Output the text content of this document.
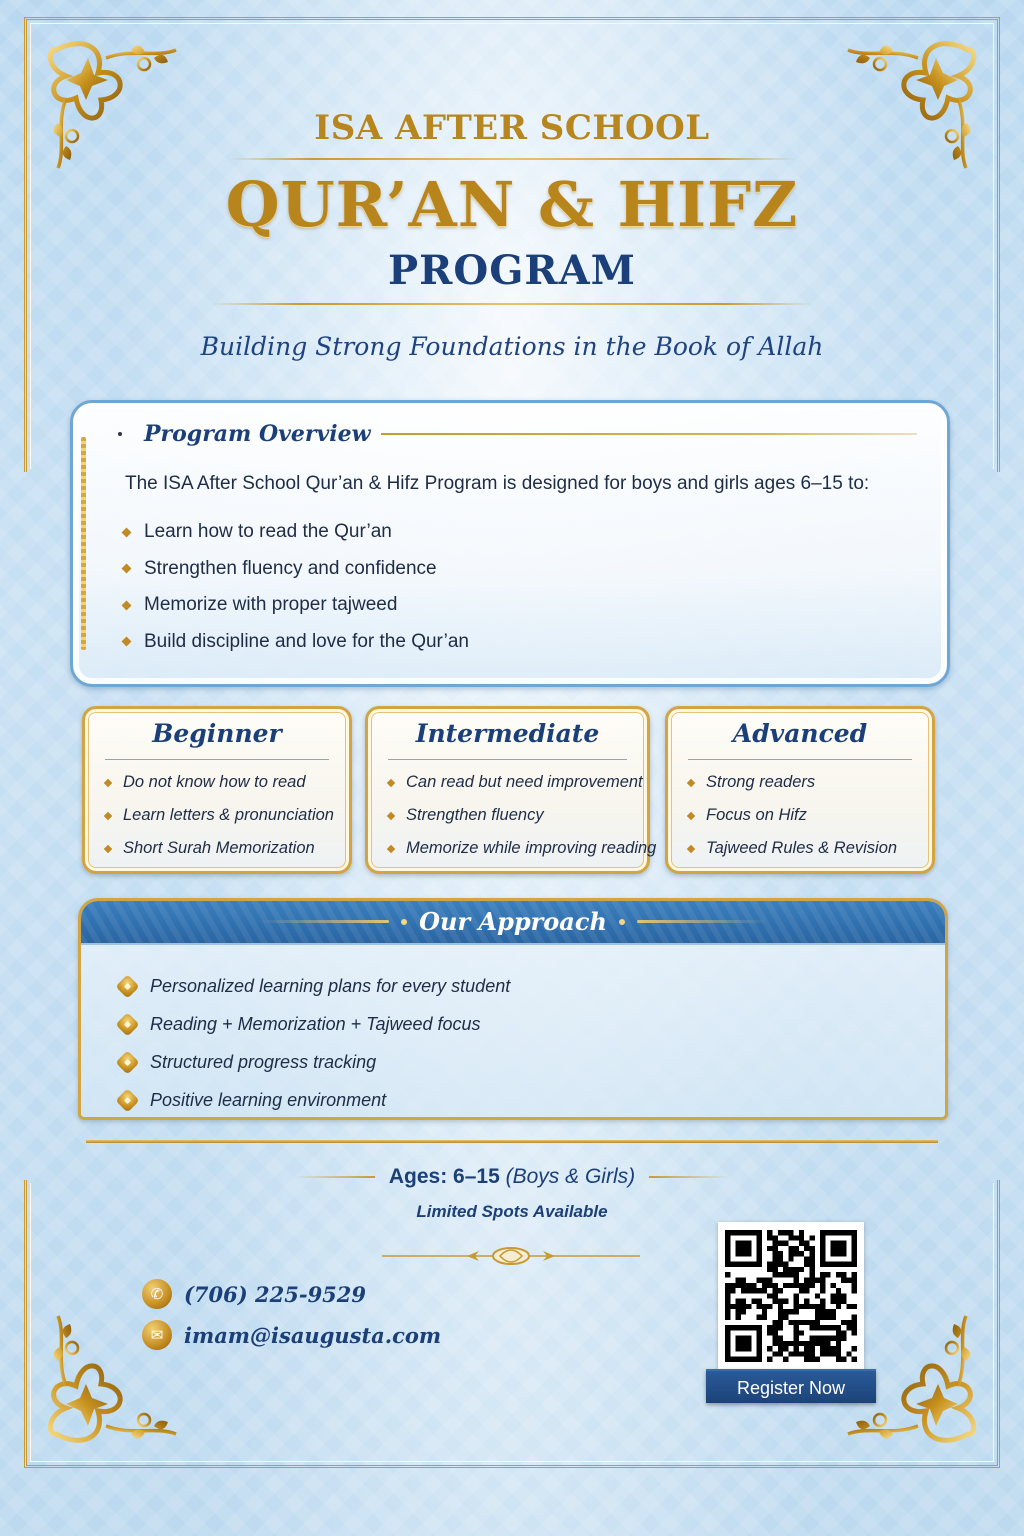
ISA AFTER SCHOOL
QUR’AN & HIFZ
PROGRAM
Building Strong Foundations in the Book of Allah
Program Overview
The ISA After School Qur’an & Hifz Program is designed for boys and girls ages 6–15 to:
Learn how to read the Qur’an
Strengthen fluency and confidence
Memorize with proper tajweed
Build discipline and love for the Qur’an
Beginner
Do not know how to read
Learn letters & pronunciation
Short Surah Memorization
Intermediate
Can read but need improvement
Strengthen fluency
Memorize while improving reading
Advanced
Strong readers
Focus on Hifz
Tajweed Rules & Revision
Our Approach
Personalized learning plans for every student
Reading + Memorization + Tajweed focus
Structured progress tracking
Positive learning environment
Ages: 6–15 (Boys & Girls)
Limited Spots Available
✆ (706) 225-9529
✉ imam@isaugusta.com
Register Now
